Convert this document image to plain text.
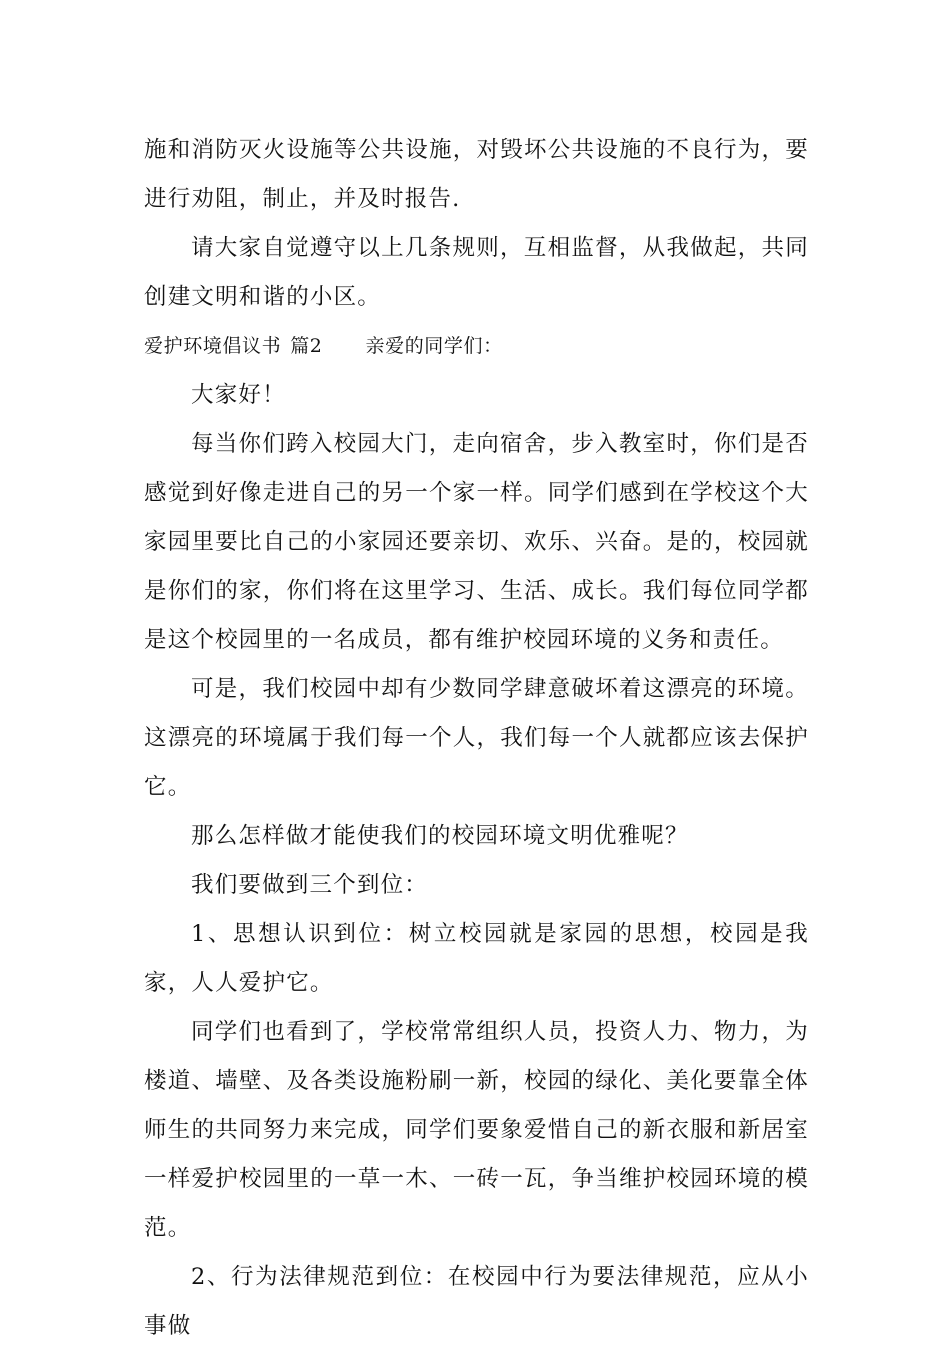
施和消防灭火设施等公共设施，对毁坏公共设施的不良行为，要进行劝阻，制止，并及时报告.

请大家自觉遵守以上几条规则，互相监督，从我做起，共同创建文明和谐的小区。

爱护环境倡议书 篇2 亲爱的同学们：

大家好！

每当你们跨入校园大门，走向宿舍，步入教室时，你们是否感觉到好像走进自己的另一个家一样。同学们感到在学校这个大家园里要比自己的小家园还要亲切、欢乐、兴奋。是的，校园就是你们的家，你们将在这里学习、生活、成长。我们每位同学都是这个校园里的一名成员，都有维护校园环境的义务和责任。

可是，我们校园中却有少数同学肆意破坏着这漂亮的环境。这漂亮的环境属于我们每一个人，我们每一个人就都应该去保护它。

那么怎样做才能使我们的校园环境文明优雅呢？

我们要做到三个到位：

1、思想认识到位：树立校园就是家园的思想，校园是我家，人人爱护它。

同学们也看到了，学校常常组织人员，投资人力、物力，为楼道、墙壁、及各类设施粉刷一新，校园的绿化、美化要靠全体师生的共同努力来完成，同学们要象爱惜自己的新衣服和新居室一样爱护校园里的一草一木、一砖一瓦，争当维护校园环境的模范。

2、行为法律规范到位：在校园中行为要法律规范，应从小事做
